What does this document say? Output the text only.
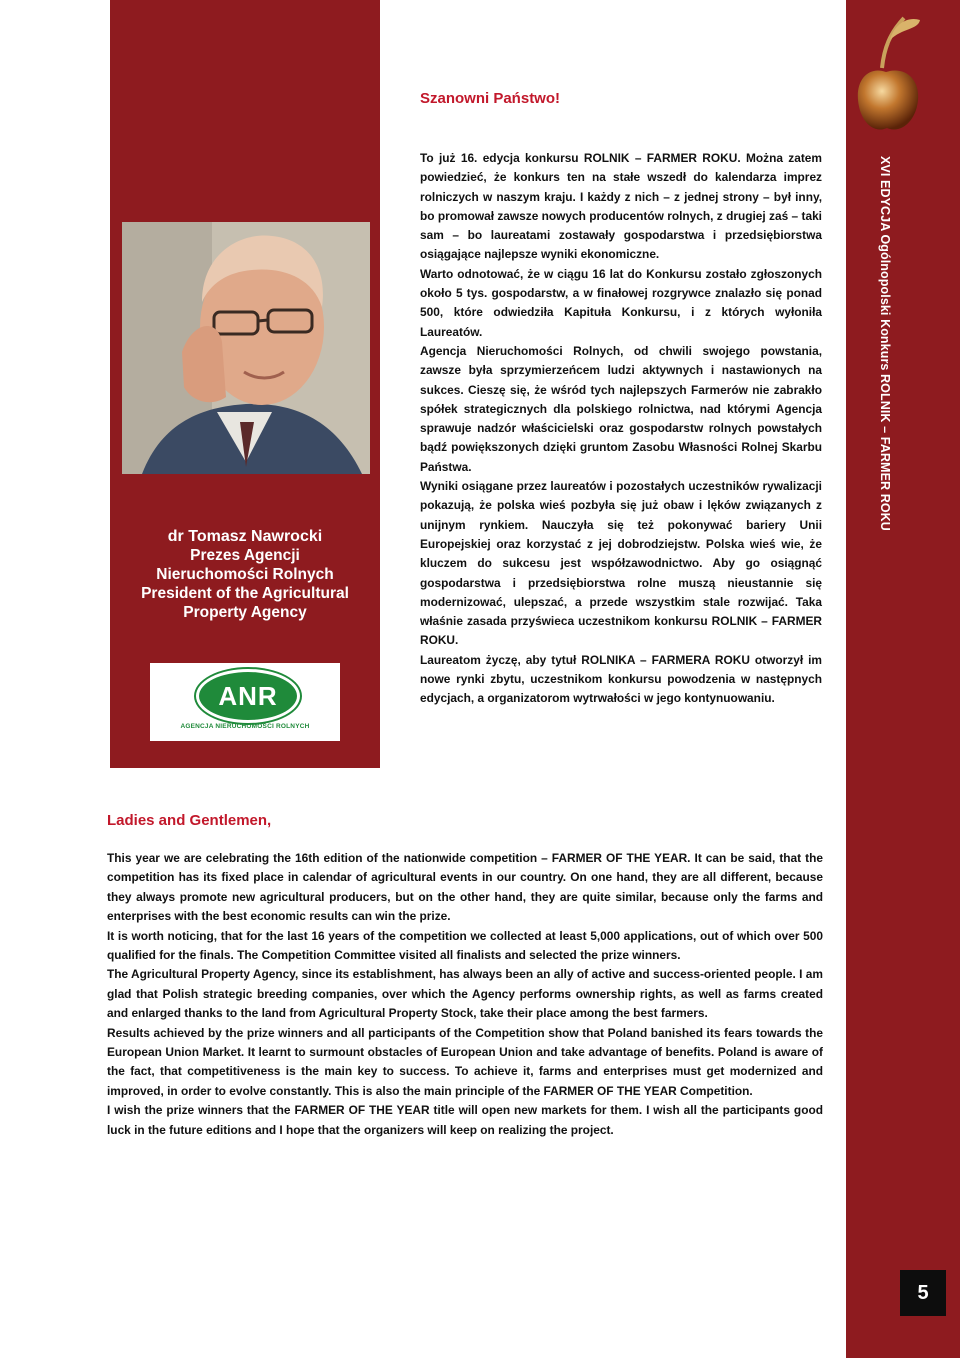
dr Tomasz Nawrocki
Prezes Agencji
Nieruchomości Rolnych
President of the Agricultural
Property Agency
ANR
AGENCJA NIERUCHOMOŚCI ROLNYCH
Szanowni Państwo!

To już 16. edycja konkursu ROLNIK – FARMER ROKU. Można zatem powiedzieć, że konkurs ten na stałe wszedł do kalendarza imprez rolniczych w naszym kraju. I każdy z nich – z jednej strony – był inny, bo promował zawsze nowych producentów rolnych, z drugiej zaś – taki sam – bo laureatami zostawały gospodarstwa i przedsiębiorstwa osiągające najlepsze wyniki ekonomiczne.

Warto odnotować, że w ciągu 16 lat do Konkursu zostało zgłoszonych około 5 tys. gospodarstw, a w finałowej rozgrywce znalazło się ponad 500, które odwiedziła Kapituła Konkursu, i z których wyłoniła Laureatów.

Agencja Nieruchomości Rolnych, od chwili swojego powstania, zawsze była sprzymierzeńcem ludzi aktywnych i nastawionych na sukces. Cieszę się, że wśród tych najlepszych Farmerów nie zabrakło spółek strategicznych dla polskiego rolnictwa, nad którymi Agencja sprawuje nadzór właścicielski oraz gospodarstw rolnych powstałych bądź powiększonych dzięki gruntom Zasobu Własności Rolnej Skarbu Państwa.

Wyniki osiągane przez laureatów i pozostałych uczestników rywalizacji pokazują, że polska wieś pozbyła się już obaw i lęków związanych z unijnym rynkiem. Nauczyła się też pokonywać bariery Unii Europejskiej oraz korzystać z jej dobrodziejstw. Polska wieś wie, że kluczem do sukcesu jest współzawodnictwo. Aby go osiągnąć gospodarstwa i przedsiębiorstwa rolne muszą nieustannie się modernizować, ulepszać, a przede wszystkim stale rozwijać. Taka właśnie zasada przyświeca uczestnikom konkursu ROLNIK – FARMER ROKU.

Laureatom życzę, aby tytuł ROLNIKA – FARMERA ROKU otworzył im nowe rynki zbytu, uczestnikom konkursu powodzenia w następnych edycjach, a organizatorom wytrwałości w jego kontynuowaniu.

Ladies and Gentlemen,

This year we are celebrating the 16th edition of the nationwide competition – FARMER OF THE YEAR. It can be said, that the competition has its fixed place in calendar of agricultural events in our country. On one hand, they are all different, because they always promote new agricultural producers, but on the other hand, they are quite similar, because only the farms and enterprises with the best economic results can win the prize.

It is worth noticing, that for the last 16 years of the competition we collected at least 5,000 applications, out of which over 500 qualified for the finals. The Competition Committee visited all finalists and selected the prize winners.

The Agricultural Property Agency, since its establishment, has always been an ally of active and success-oriented people. I am glad that Polish strategic breeding companies, over which the Agency performs ownership rights, as well as farms created and enlarged thanks to the land from Agricultural Property Stock, take their place among the best farmers.

Results achieved by the prize winners and all participants of the Competition show that Poland banished its fears towards the European Union Market. It learnt to surmount obstacles of European Union and take advantage of benefits. Poland is aware of the fact, that competitiveness is the main key to success. To achieve it, farms and enterprises must get modernized and improved, in order to evolve constantly. This is also the main principle of the FARMER OF THE YEAR Competition.

I wish the prize winners that the FARMER OF THE YEAR title will open new markets for them. I wish all the participants good luck in the future editions and I hope that the organizers will keep on realizing the project.

XVI EDYCJA Ogólnopolski Konkurs ROLNIK – FARMER ROKU
5
